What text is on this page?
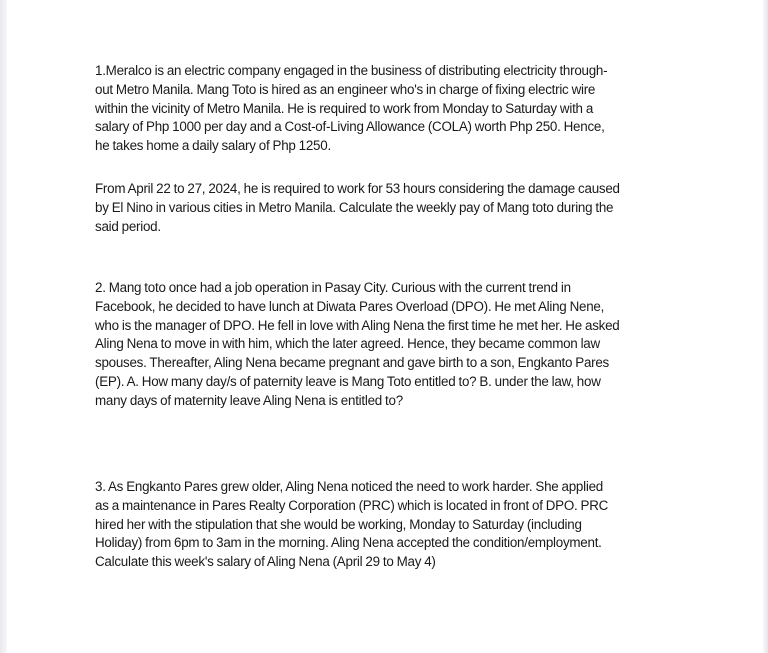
1.Meralco is an electric company engaged in the business of distributing electricity through-
out Metro Manila. Mang Toto is hired as an engineer who's in charge of fixing electric wire
within the vicinity of Metro Manila. He is required to work from Monday to Saturday with a
salary of Php 1000 per day and a Cost-of-Living Allowance (COLA) worth Php 250. Hence,
he takes home a daily salary of Php 1250.

From April 22 to 27, 2024, he is required to work for 53 hours considering the damage caused
by El Nino in various cities in Metro Manila. Calculate the weekly pay of Mang toto during the
said period.

2. Mang toto once had a job operation in Pasay City. Curious with the current trend in
Facebook, he decided to have lunch at Diwata Pares Overload (DPO). He met Aling Nene,
who is the manager of DPO. He fell in love with Aling Nena the first time he met her. He asked
Aling Nena to move in with him, which the later agreed. Hence, they became common law
spouses. Thereafter, Aling Nena became pregnant and gave birth to a son, Engkanto Pares
(EP). A. How many day/s of paternity leave is Mang Toto entitled to? B. under the law, how
many days of maternity leave Aling Nena is entitled to?

3. As Engkanto Pares grew older, Aling Nena noticed the need to work harder. She applied
as a maintenance in Pares Realty Corporation (PRC) which is located in front of DPO. PRC
hired her with the stipulation that she would be working, Monday to Saturday (including
Holiday) from 6pm to 3am in the morning. Aling Nena accepted the condition/employment.
Calculate this week's salary of Aling Nena (April 29 to May 4)
